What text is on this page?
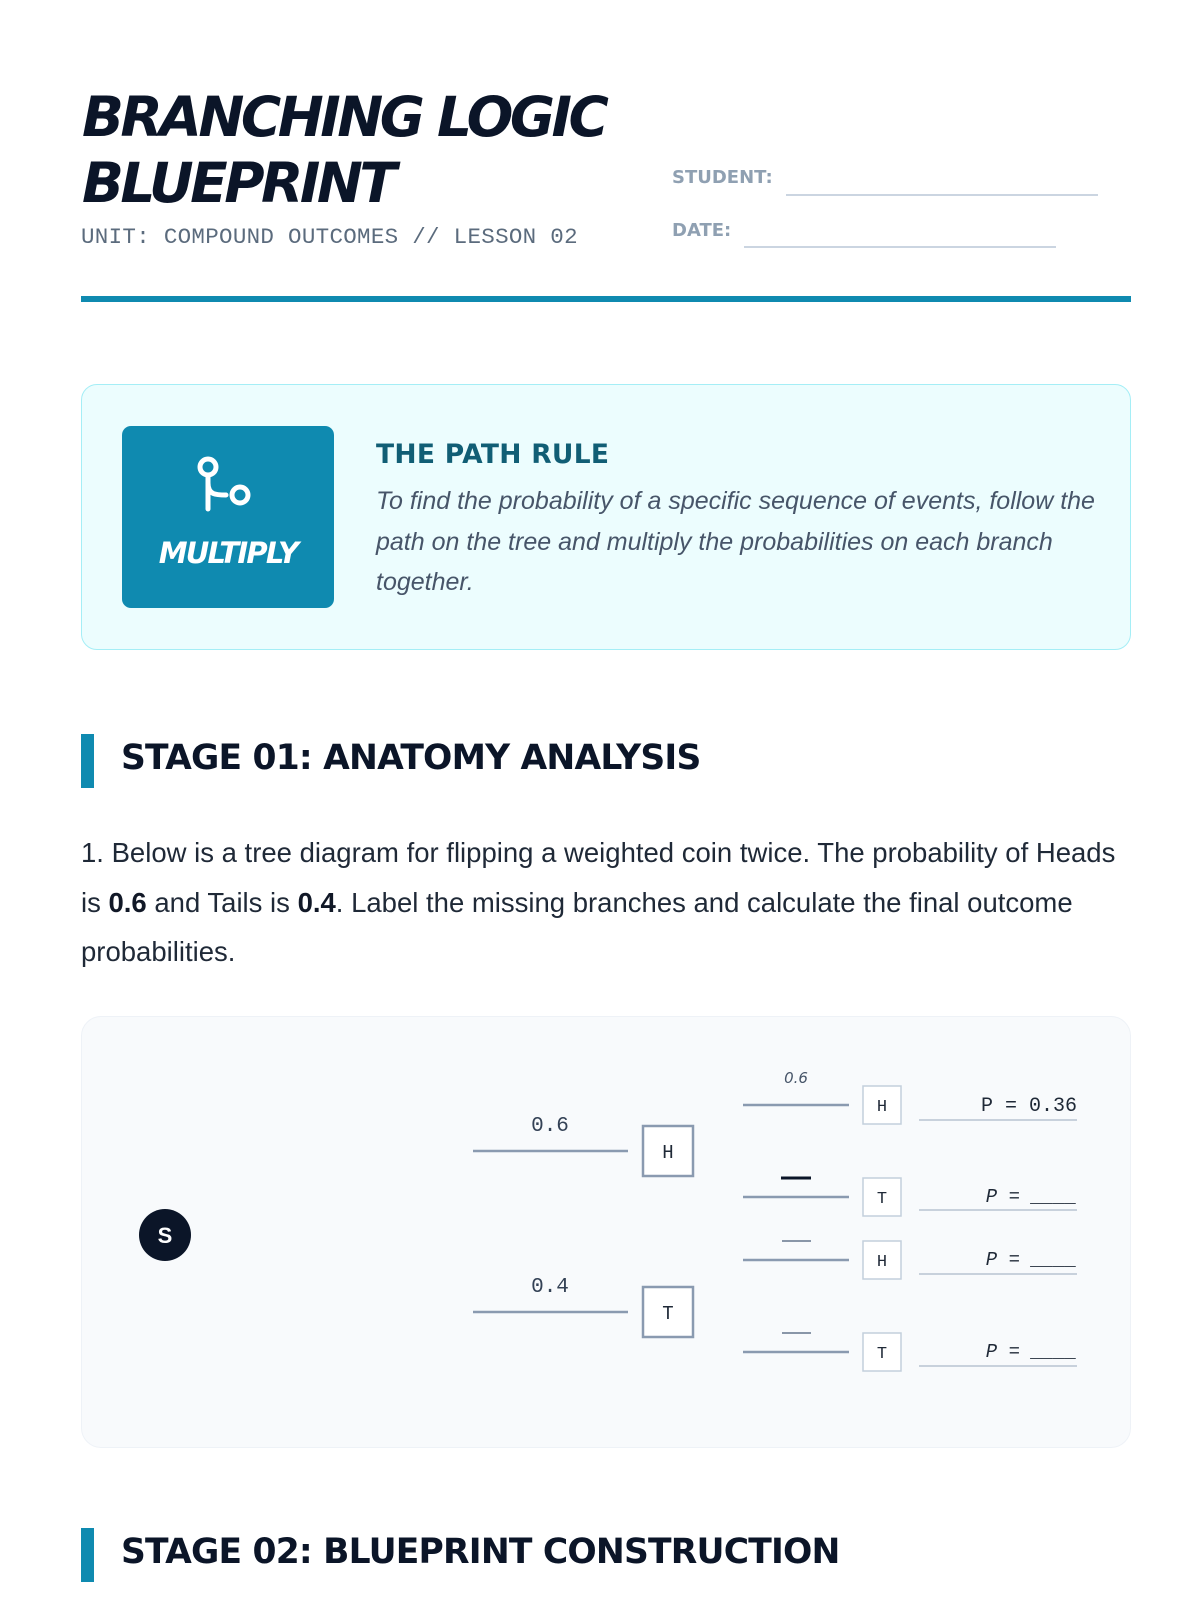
BRANCHING LOGIC
BLUEPRINT
UNIT: COMPOUND OUTCOMES // LESSON 02
STUDENT:
DATE:
MULTIPLY
THE PATH RULE
To find the probability of a specific sequence of events, follow the path on the tree and multiply the probabilities on each branch together.
STAGE 01: ANATOMY ANALYSIS
1. Below is a tree diagram for flipping a weighted coin twice. The probability of Heads is 0.6 and Tails is 0.4. Label the missing branches and calculate the final outcome probabilities.
S
0.6
H
0.4
T
0.6
H	P = 0.36
T	P = ____
H	P = ____
T	P = ____
STAGE 02: BLUEPRINT CONSTRUCTION
